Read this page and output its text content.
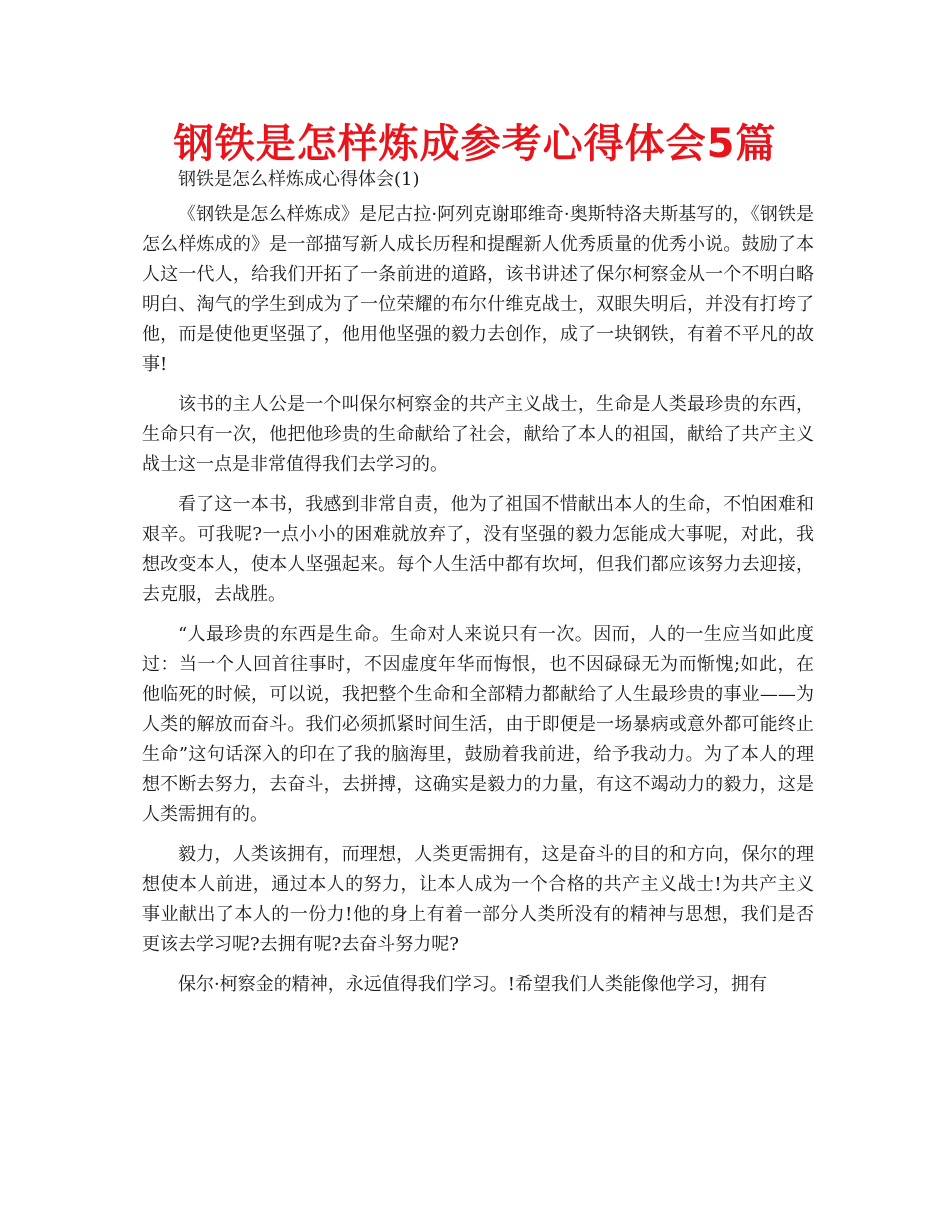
钢铁是怎样炼成参考心得体会5篇
钢铁是怎么样炼成心得体会(1)

《钢铁是怎么样炼成》是尼古拉·阿列克谢耶维奇·奥斯特洛夫斯基写的，《钢铁是怎么样炼成的》是一部描写新人成长历程和提醒新人优秀质量的优秀小说。鼓励了本人这一代人，给我们开拓了一条前进的道路，该书讲述了保尔柯察金从一个不明白略明白、淘气的学生到成为了一位荣耀的布尔什维克战士，双眼失明后，并没有打垮了他，而是使他更坚强了，他用他坚强的毅力去创作，成了一块钢铁，有着不平凡的故事!

该书的主人公是一个叫保尔柯察金的共产主义战士，生命是人类最珍贵的东西，生命只有一次，他把他珍贵的生命献给了社会，献给了本人的祖国，献给了共产主义战士这一点是非常值得我们去学习的。

看了这一本书，我感到非常自责，他为了祖国不惜献出本人的生命，不怕困难和艰辛。可我呢?一点小小的困难就放弃了，没有坚强的毅力怎能成大事呢，对此，我想改变本人，使本人坚强起来。每个人生活中都有坎坷，但我们都应该努力去迎接，去克服，去战胜。

“人最珍贵的东西是生命。生命对人来说只有一次。因而，人的一生应当如此度过：当一个人回首往事时，不因虚度年华而悔恨，也不因碌碌无为而惭愧;如此，在他临死的时候，可以说，我把整个生命和全部精力都献给了人生最珍贵的事业——为人类的解放而奋斗。我们必须抓紧时间生活，由于即便是一场暴病或意外都可能终止生命”这句话深入的印在了我的脑海里，鼓励着我前进，给予我动力。为了本人的理想不断去努力，去奋斗，去拼搏，这确实是毅力的力量，有这不竭动力的毅力，这是人类需拥有的。

毅力，人类该拥有，而理想，人类更需拥有，这是奋斗的目的和方向，保尔的理想使本人前进，通过本人的努力，让本人成为一个合格的共产主义战士!为共产主义事业献出了本人的一份力!他的身上有着一部分人类所没有的精神与思想，我们是否更该去学习呢?去拥有呢?去奋斗努力呢?

保尔·柯察金的精神，永远值得我们学习。!希望我们人类能像他学习，拥有
